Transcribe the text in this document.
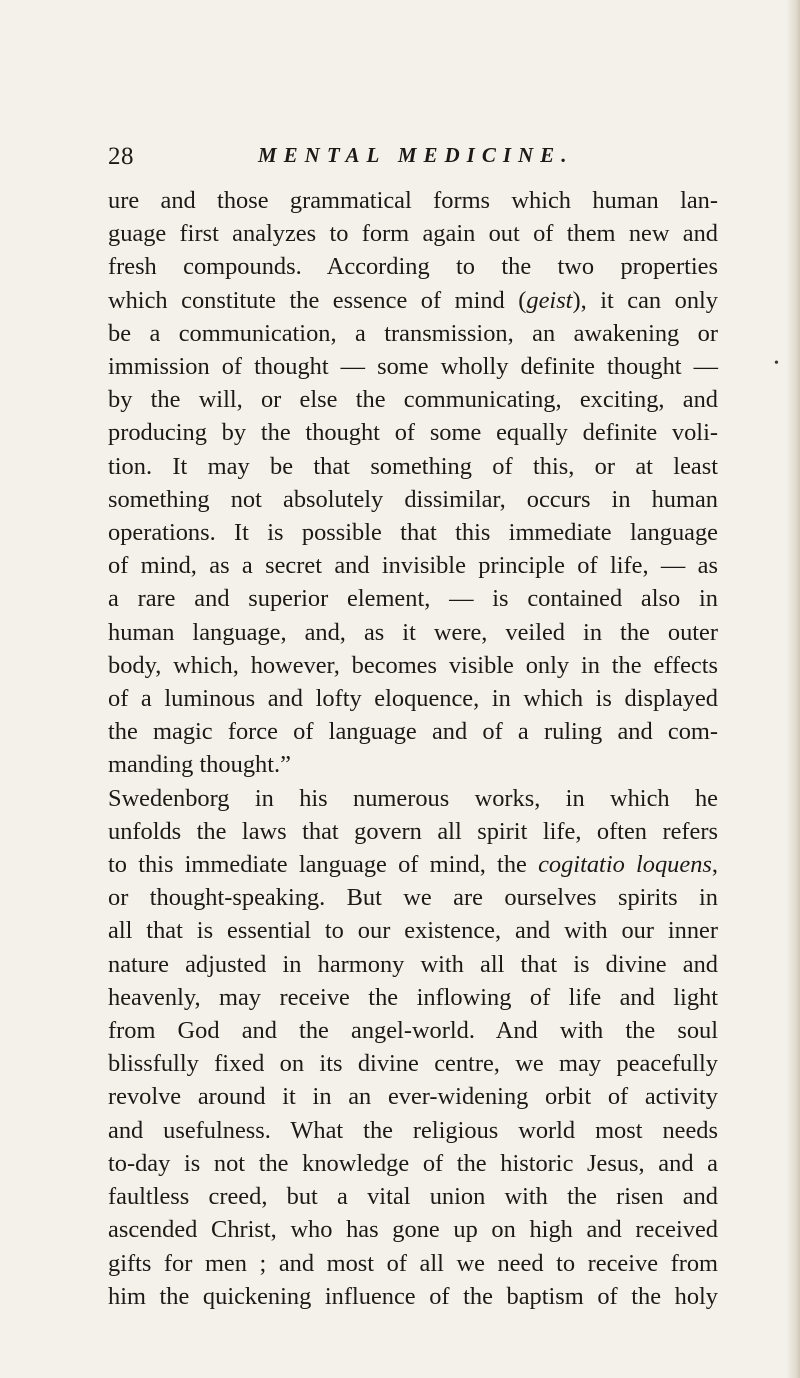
28	MENTAL MEDICINE.
•
ure and those grammatical forms which human lan-
guage first analyzes to form again out of them new and
fresh compounds. According to the two properties
which constitute the essence of mind (geist), it can only
be a communication, a transmission, an awakening or
immission of thought — some wholly definite thought —
by the will, or else the communicating, exciting, and
producing by the thought of some equally definite voli-
tion. It may be that something of this, or at least
something not absolutely dissimilar, occurs in human
operations. It is possible that this immediate language
of mind, as a secret and invisible principle of life, — as
a rare and superior element, — is contained also in
human language, and, as it were, veiled in the outer
body, which, however, becomes visible only in the effects
of a luminous and lofty eloquence, in which is displayed
the magic force of language and of a ruling and com-
manding thought.”
Swedenborg in his numerous works, in which he
unfolds the laws that govern all spirit life, often refers
to this immediate language of mind, the cogitatio loquens,
or thought-speaking. But we are ourselves spirits in
all that is essential to our existence, and with our inner
nature adjusted in harmony with all that is divine and
heavenly, may receive the inflowing of life and light
from God and the angel-world. And with the soul
blissfully fixed on its divine centre, we may peacefully
revolve around it in an ever-widening orbit of activity
and usefulness. What the religious world most needs
to-day is not the knowledge of the historic Jesus, and a
faultless creed, but a vital union with the risen and
ascended Christ, who has gone up on high and received
gifts for men ; and most of all we need to receive from
him the quickening influence of the baptism of the holy
